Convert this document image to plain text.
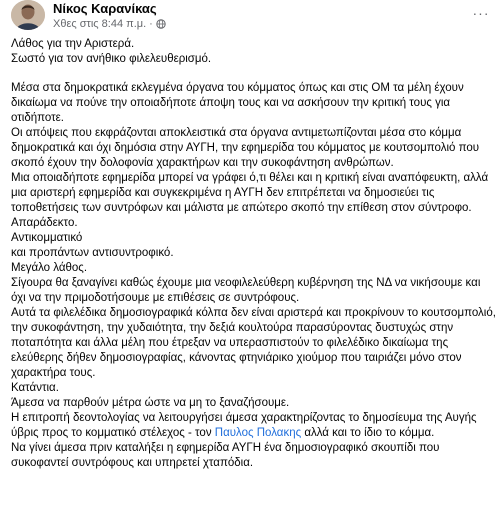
Νίκος Καρανίκας
Χθες στις 8:44 π.μ. ·
···
Λάθος για την Αριστερά.
Σωστό για τον ανήθικο φιλελευθερισμό.
Μέσα στα δημοκρατικά εκλεγμένα όργανα του κόμματος όπως και στις ΟΜ τα μέλη έχουν δικαίωμα να πούνε την οποιαδήποτε άποψη τους και να ασκήσουν την κριτική τους για οτιδήποτε.
Οι απόψεις που εκφράζονται αποκλειστικά στα όργανα αντιμετωπίζονται μέσα στο κόμμα δημοκρατικά και όχι δημόσια στην ΑΥΓΗ, την εφημερίδα του κόμματος με κουτσομπολιό που σκοπό έχουν την δολοφονία χαρακτήρων και την συκοφάντηση ανθρώπων.
Μια οποιαδήποτε εφημερίδα μπορεί να γράφει ό,τι θέλει και η κριτική είναι αναπόφευκτη, αλλά μια αριστερή εφημερίδα και συγκεκριμένα η ΑΥΓΗ δεν επιτρέπεται να δημοσιεύει τις τοποθετήσεις των συντρόφων και μάλιστα με απώτερο σκοπό την επίθεση στον σύντροφο.
Απαράδεκτο.
Αντικομματικό
και προπάντων αντισυντροφικό.
Μεγάλο λάθος.
Σίγουρα θα ξαναγίνει καθώς έχουμε μια νεοφιλελεύθερη κυβέρνηση της ΝΔ να νικήσουμε και όχι να την πριμοδοτήσουμε με επιθέσεις σε συντρόφους.
Αυτά τα φιλελέδικα δημοσιογραφικά κόλπα δεν είναι αριστερά και προκρίνουν το κουτσομπολιό, την συκοφάντηση, την χυδαιότητα, την δεξιά κουλτούρα παρασύροντας δυστυχώς στην ποταπότητα και άλλα μέλη που έτρεξαν να υπερασπιστούν το φιλελέδικο δικαίωμα της ελεύθερης δήθεν δημοσιογραφίας, κάνοντας φτηνιάρικο χιούμορ που ταιριάζει μόνο στον χαρακτήρα τους.
Κατάντια.
Άμεσα να παρθούν μέτρα ώστε να μη το ξαναζήσουμε.
Η επιτροπή δεοντολογίας να λειτουργήσει άμεσα χαρακτηρίζοντας το δημοσίευμα της Αυγής ύβρις προς το κομματικό στέλεχος - τον Παυλος Πολακης αλλά και το ίδιο το κόμμα.
Να γίνει άμεσα πριν καταλήξει η εφημερίδα ΑΥΓΗ ένα δημοσιογραφικό σκουπίδι που συκοφαντεί συντρόφους και υπηρετεί χταπόδια.
